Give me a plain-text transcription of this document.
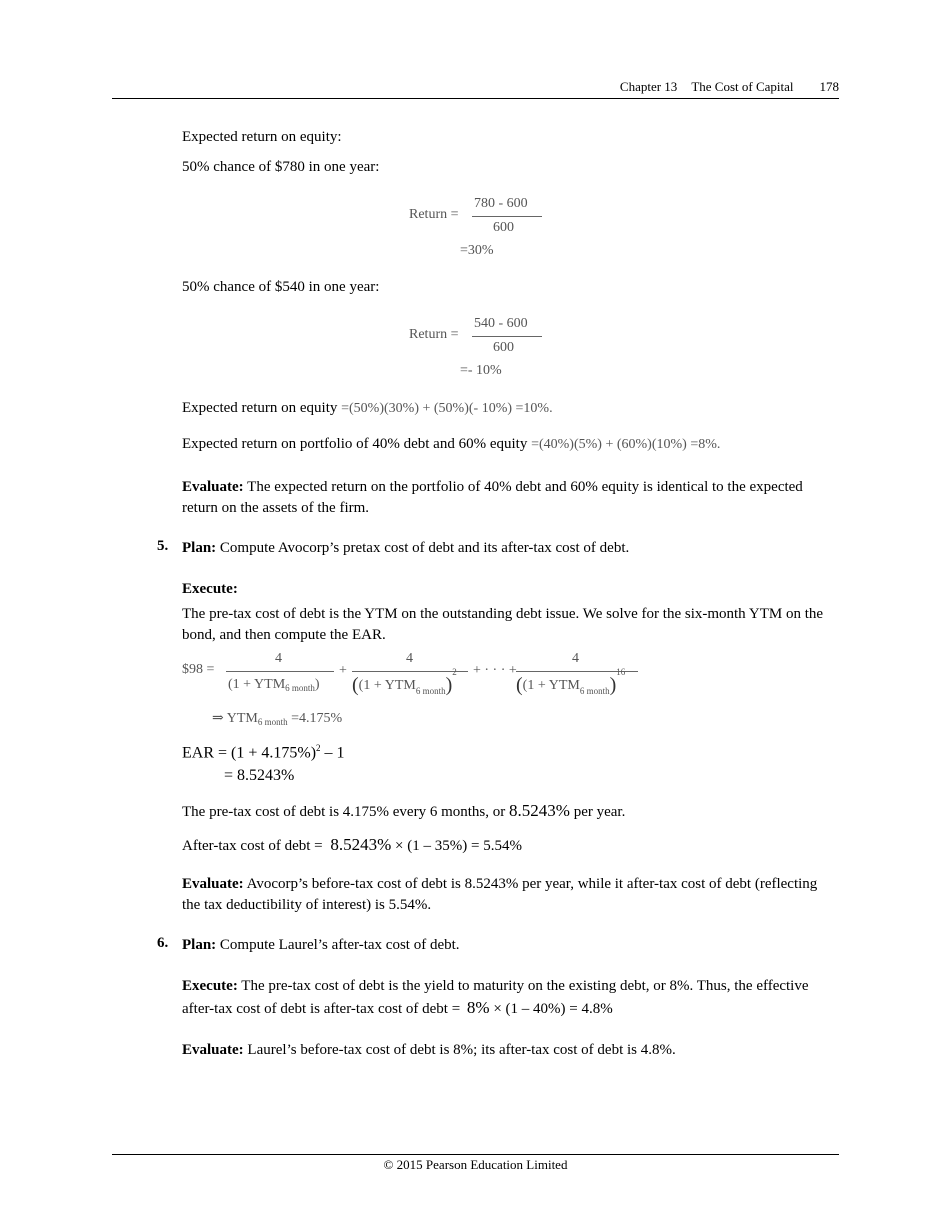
Chapter 13 The Cost of Capital 178
Expected return on equity:
50% chance of $780 in one year:
Return =
780 - 600
600
=30%
50% chance of $540 in one year:
Return =
540 - 600
600
=- 10%
Expected return on equity =(50%)(30%) + (50%)(- 10%) =10%.
Expected return on portfolio of 40% debt and 60% equity =(40%)(5%) + (60%)(10%) =8%.
Evaluate: The expected return on the portfolio of 40% debt and 60% equity is identical to the expected return on the assets of the firm.
5. Plan: Compute Avocorp’s pretax cost of debt and its after-tax cost of debt.
Execute:
The pre-tax cost of debt is the YTM on the outstanding debt issue. We solve for the six-month YTM on the bond, and then compute the EAR.
$98 =
4
$(1 + YTM_{6 month})$
+
4
($(1 + YTM_{6 month})^2$ + · · · +
4
($(1 + YTM_{6 month})^{16}$
⇒ $YTM_{6 month} =4.175\%$
EAR = $(1 + 4.175\%)^2 - 1$
= 8.5243%
The pre-tax cost of debt is 4.175% every 6 months, or 8.5243% per year.
After-tax cost of debt = 8.5243% × (1 – 35%) = 5.54%
Evaluate: Avocorp’s before-tax cost of debt is 8.5243% per year, while it after-tax cost of debt (reflecting the tax deductibility of interest) is 5.54%.
6. Plan: Compute Laurel’s after-tax cost of debt.
Execute: The pre-tax cost of debt is the yield to maturity on the existing debt, or 8%. Thus, the effective after-tax cost of debt is after-tax cost of debt = 8% × (1 – 40%) = 4.8%
Evaluate: Laurel’s before-tax cost of debt is 8%; its after-tax cost of debt is 4.8%.
© 2015 Pearson Education Limited
